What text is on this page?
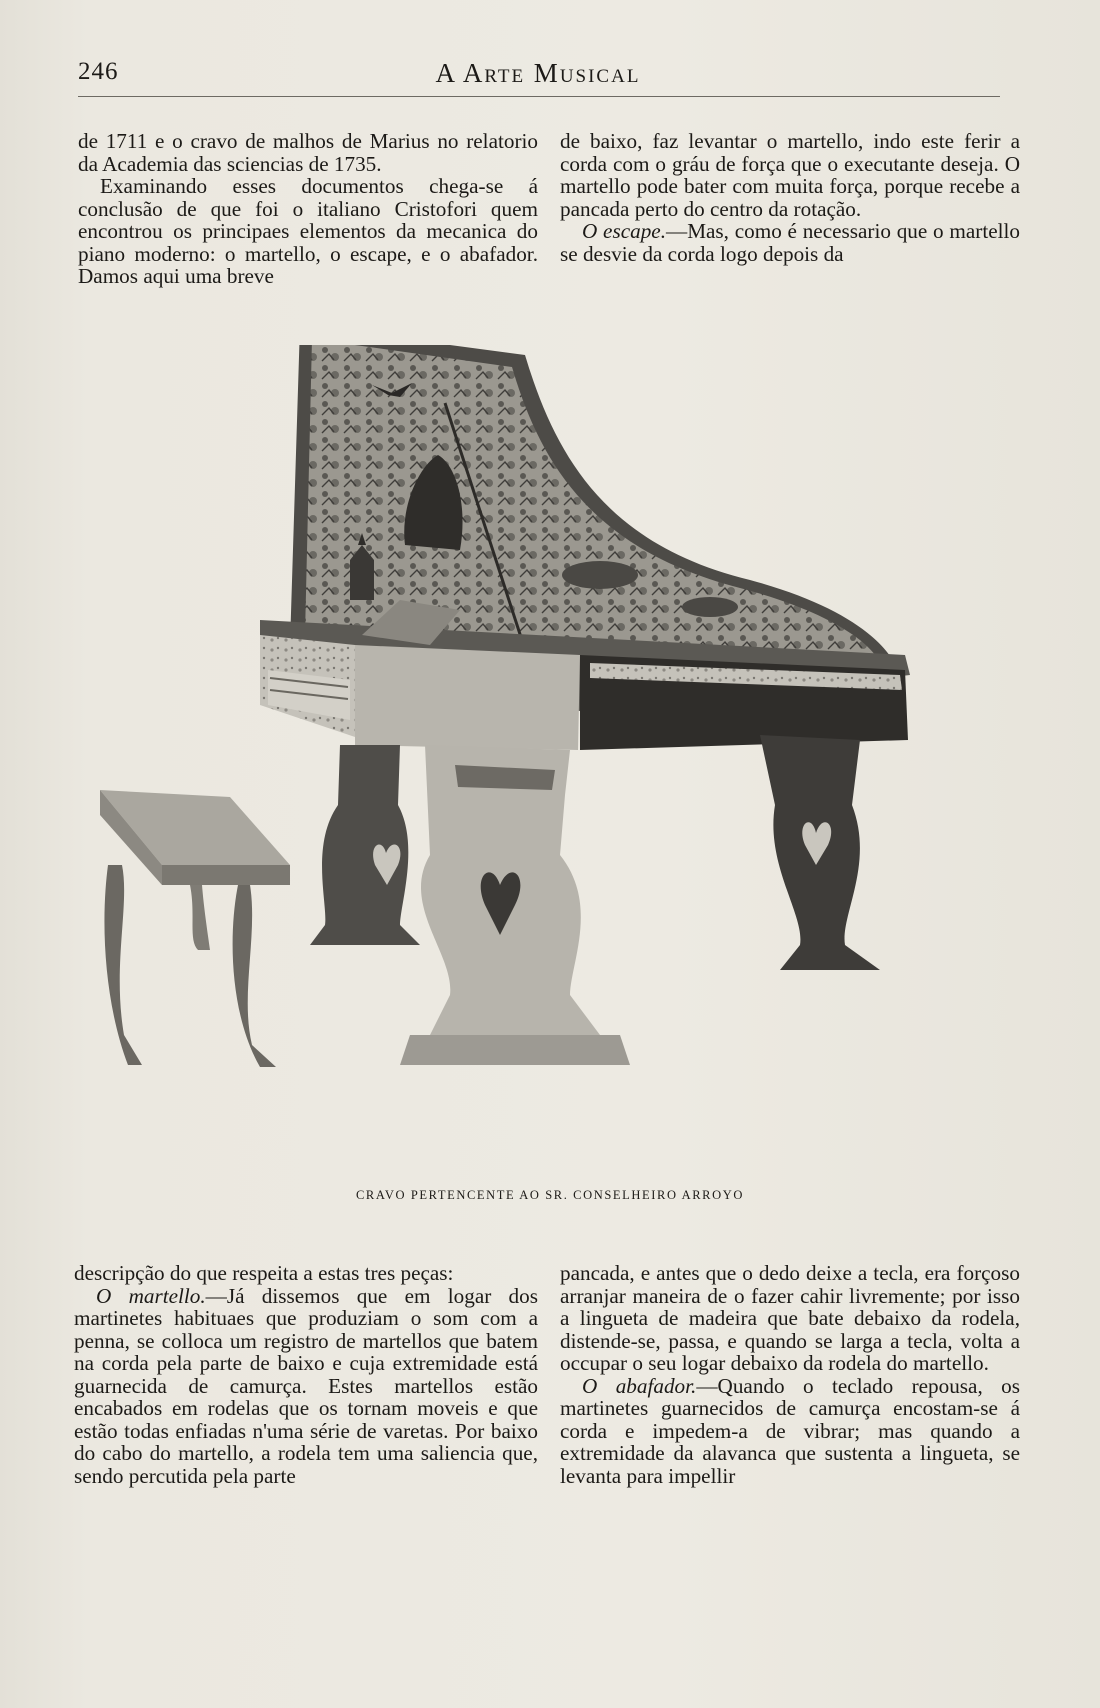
246	A Arte Musical

de 1711 e o cravo de malhos de Marius no relatorio da Academia das sciencias de 1735.

Examinando esses documentos chega-se á conclusão de que foi o italiano Cristofori quem encontrou os principaes elementos da mecanica do piano moderno: o martello, o escape, e o abafador. Damos aqui uma breve

de baixo, faz levantar o martello, indo este ferir a corda com o gráu de força que o executante deseja. O martello pode bater com muita força, porque recebe a pancada perto do centro da rotação.

O escape.—Mas, como é necessario que o martello se desvie da corda logo depois da

CRAVO PERTENCENTE AO SR. CONSELHEIRO ARROYO

descripção do que respeita a estas tres peças:

O martello.—Já dissemos que em logar dos martinetes habituaes que produziam o som com a penna, se colloca um registro de martellos que batem na corda pela parte de baixo e cuja extremidade está guarnecida de camurça. Estes martellos estão encabados em rodelas que os tornam moveis e que estão todas enfiadas n'uma série de varetas. Por baixo do cabo do martello, a rodela tem uma saliencia que, sendo percutida pela parte

pancada, e antes que o dedo deixe a tecla, era forçoso arranjar maneira de o fazer cahir livremente; por isso a lingueta de madeira que bate debaixo da rodela, distende-se, passa, e quando se larga a tecla, volta a occupar o seu logar debaixo da rodela do martello.

O abafador.—Quando o teclado repousa, os martinetes guarnecidos de camurça encostam-se á corda e impedem-a de vibrar; mas quando a extremidade da alavanca que sustenta a lingueta, se levanta para impellir
